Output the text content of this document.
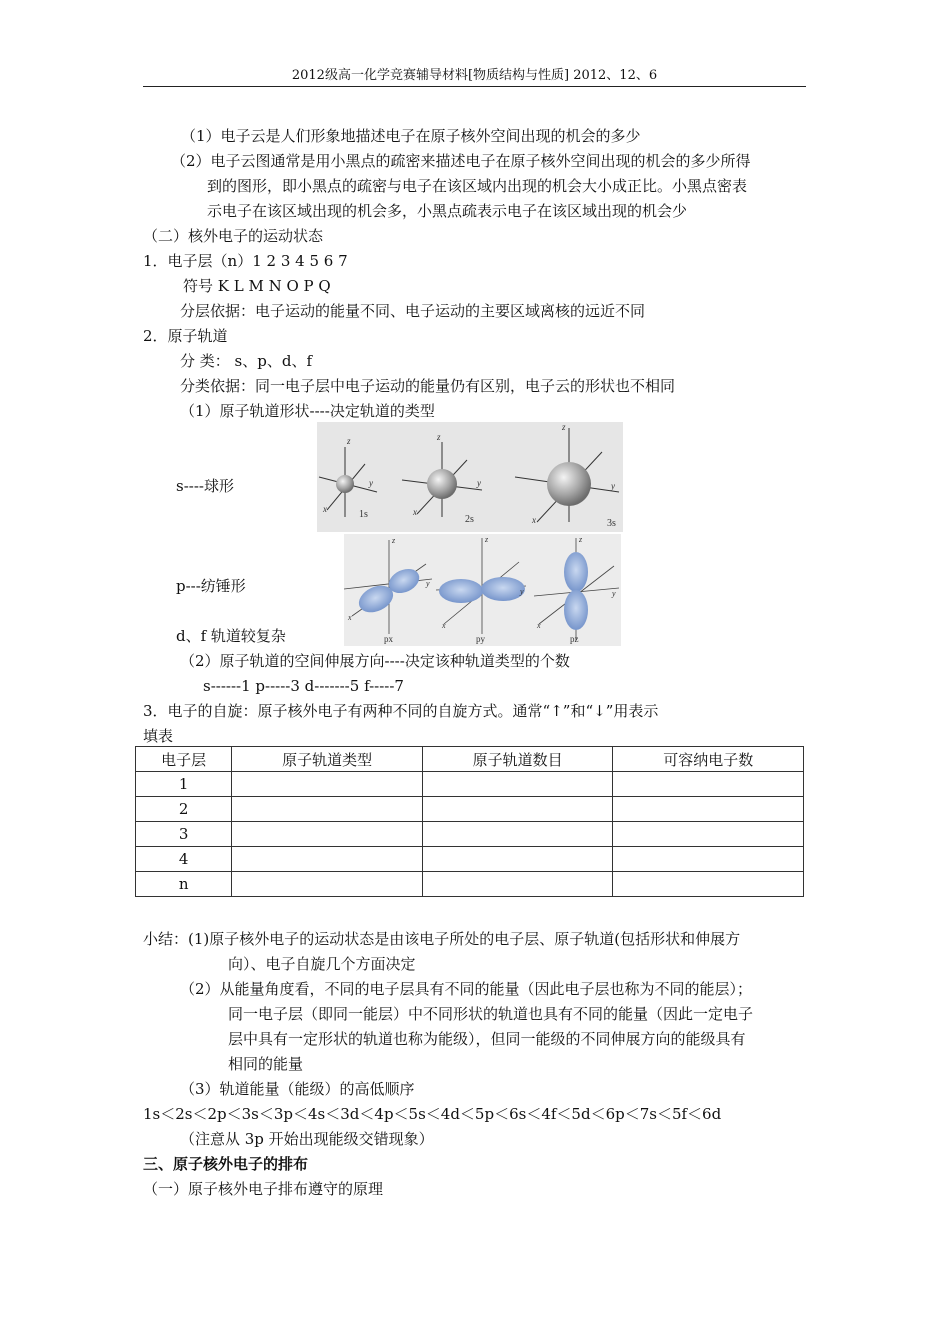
2012级高一化学竞赛辅导材料[物质结构与性质] 2012、12、6
（1）电子云是人们形象地描述电子在原子核外空间出现的机会的多少
（2）电子云图通常是用小黑点的疏密来描述电子在原子核外空间出现的机会的多少所得
到的图形，即小黑点的疏密与电子在该区域内出现的机会大小成正比。小黑点密表
示电子在该区域出现的机会多，小黑点疏表示电子在该区域出现的机会少
（二）核外电子的运动状态
1．电子层（n）1 2 3 4 5 6 7
符号 K L M N O P Q
分层依据：电子运动的能量不同、电子运动的主要区域离核的远近不同
2．原子轨道
分 类： s、p、d、f
分类依据：同一电子层中电子运动的能量仍有区别，电子云的形状也不相同
（1）原子轨道形状----决定轨道的类型
s----球形
z
y
x
z
y
x
z
y
x
1s	2s	3s
p---纺锤形
z
y
x
z
y
x
z
y
x
px	py	pz
d、f 轨道较复杂
（2）原子轨道的空间伸展方向----决定该种轨道类型的个数
s------1 p-----3 d-------5 f-----7
3．电子的自旋：原子核外电子有两种不同的自旋方式。通常“↑”和“↓”用表示
填表
电子层	原子轨道类型	原子轨道数目	可容纳电子数
1			
2			
3			
4			
n			
小结：(1)原子核外电子的运动状态是由该电子所处的电子层、原子轨道(包括形状和伸展方
向）、电子自旋几个方面决定
（2）从能量角度看，不同的电子层具有不同的能量（因此电子层也称为不同的能层）；
同一电子层（即同一能层）中不同形状的轨道也具有不同的能量（因此一定电子
层中具有一定形状的轨道也称为能级），但同一能级的不同伸展方向的能级具有
相同的能量
（3）轨道能量（能级）的高低顺序
1s＜2s＜2p＜3s＜3p＜4s＜3d＜4p＜5s＜4d＜5p＜6s＜4f＜5d＜6p＜7s＜5f＜6d
（注意从 3p 开始出现能级交错现象）
三、原子核外电子的排布
（一）原子核外电子排布遵守的原理
